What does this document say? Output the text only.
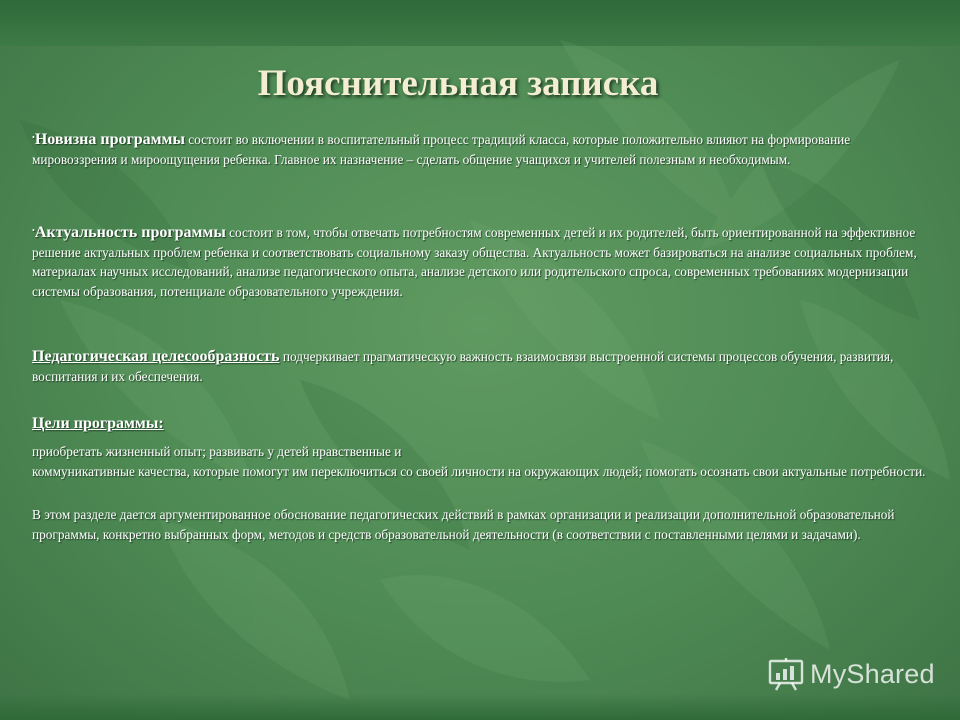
Пояснительная записка

•Новизна программы состоит во включении в воспитательный процесс традиций класса, которые положительно влияют на формирование мировоззрения и мироощущения ребенка. Главное их назначение – сделать общение учащихся и учителей полезным и необходимым.

•Актуальность программы состоит в том, чтобы отвечать потребностям современных детей и их родителей, быть ориентированной на эффективное решение актуальных проблем ребенка и соответствовать социальному заказу общества. Актуальность может базироваться на анализе социальных проблем, материалах научных исследований, анализе педагогического опыта, анализе детского или родительского спроса, современных требованиях модернизации системы образования, потенциале образовательного учреждения.

Педагогическая целесообразность подчеркивает прагматическую важность взаимосвязи выстроенной системы процессов обучения, развития, воспитания и их обеспечения.

Цели программы:

приобретать жизненный опыт; развивать у детей нравственные и

коммуникативные качества, которые помогут им переключиться со своей личности на окружающих людей; помогать осознать свои актуальные потребности.

В этом разделе дается аргументированное обоснование педагогических действий в рамках организации и реализации дополнительной образовательной программы, конкретно выбранных форм, методов и средств образовательной деятельности (в соответствии с поставленными целями и задачами).

MyShared
